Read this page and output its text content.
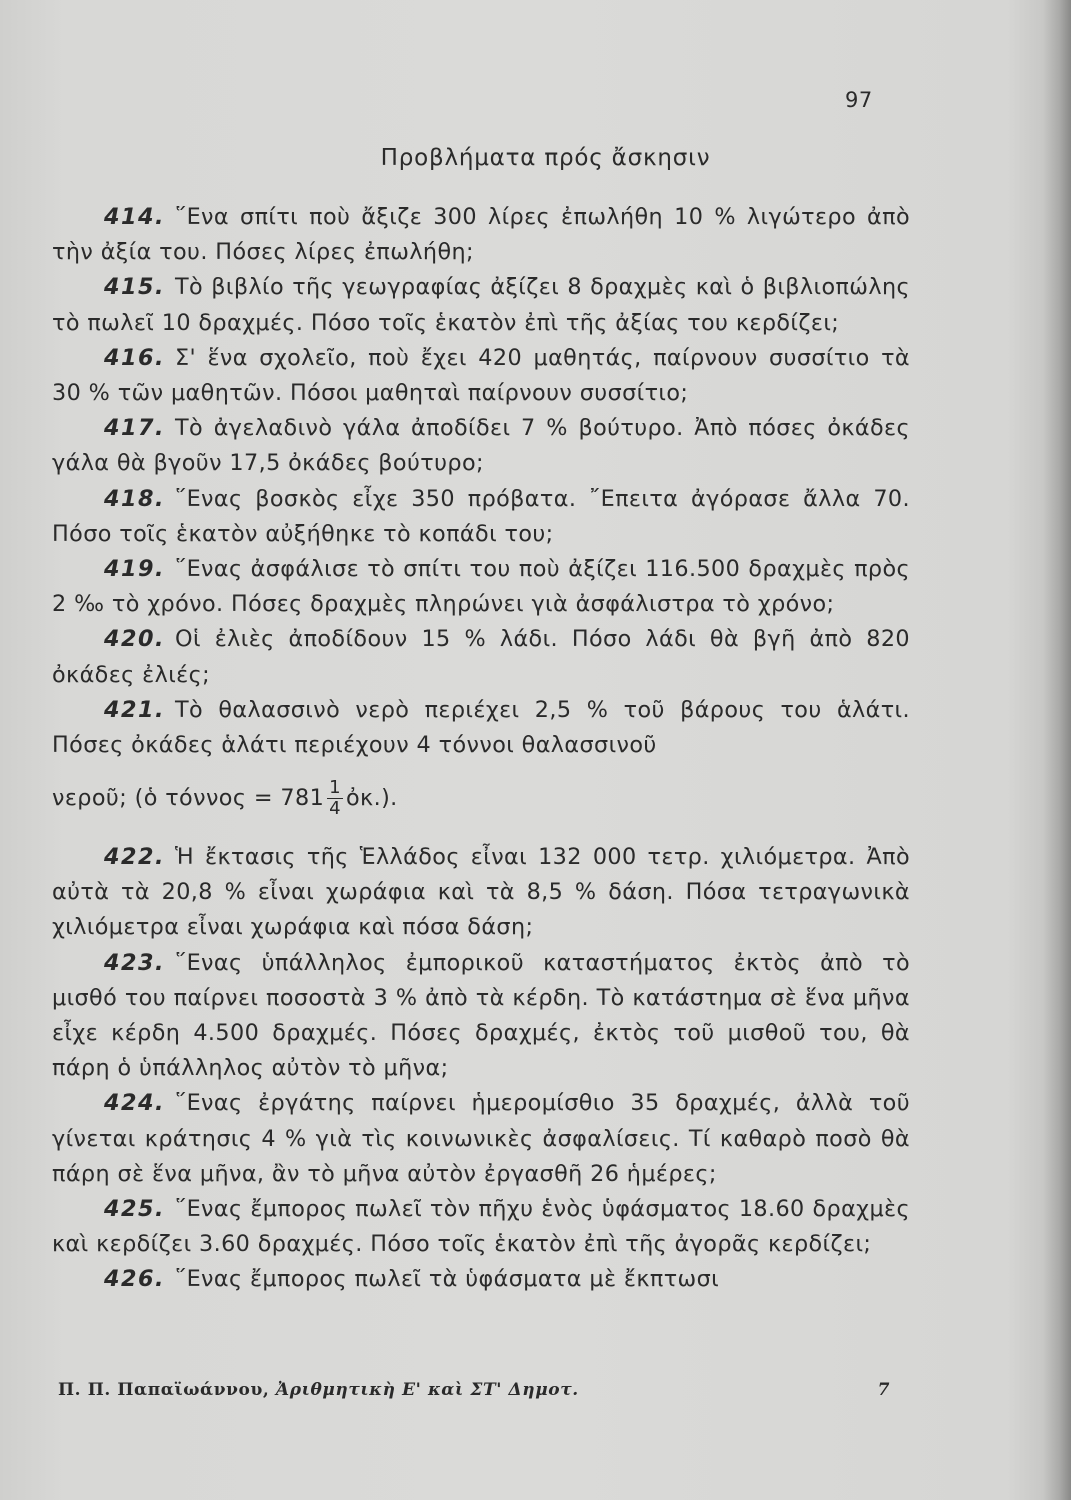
97
Προβλήματα πρός ἄσκησιν

414. ῞Ενα σπίτι ποὺ ἄξιζε 300 λίρες ἐπωλήθη 10 % λιγώτερο ἀπὸ τὴν ἀξία του. Πόσες λίρες ἐπωλήθη;

415. Τὸ βιβλίο τῆς γεωγραφίας ἀξίζει 8 δραχμὲς καὶ ὁ βιβλιοπώλης τὸ πωλεῖ 10 δραχμές. Πόσο τοῖς ἑκατὸν ἐπὶ τῆς ἀξίας του κερδίζει;

416. Σ' ἕνα σχολεῖο, ποὺ ἔχει 420 μαθητάς, παίρνουν συσσίτιο τὰ 30 % τῶν μαθητῶν. Πόσοι μαθηταὶ παίρνουν συσσίτιο;

417. Τὸ ἀγελαδινὸ γάλα ἀποδίδει 7 % βούτυρο. Ἀπὸ πόσες ὀκάδες γάλα θὰ βγοῦν 17,5 ὀκάδες βούτυρο;

418. ῞Ενας βοσκὸς εἶχε 350 πρόβατα. ῎Επειτα ἀγόρασε ἄλλα 70. Πόσο τοῖς ἑκατὸν αὐξήθηκε τὸ κοπάδι του;

419. ῞Ενας ἀσφάλισε τὸ σπίτι του ποὺ ἀξίζει 116.500 δραχμὲς πρὸς 2 ‰ τὸ χρόνο. Πόσες δραχμὲς πληρώνει γιὰ ἀσφάλιστρα τὸ χρόνο;

420. Οἱ ἐλιὲς ἀποδίδουν 15 % λάδι. Πόσο λάδι θὰ βγῆ ἀπὸ 820 ὀκάδες ἐλιές;

421. Τὸ θαλασσινὸ νερὸ περιέχει 2,5 % τοῦ βάρους του ἁλάτι. Πόσες ὀκάδες ἁλάτι περιέχουν 4 τόννοι θαλασσινοῦ

νεροῦ; (ὁ $\tau ό\nu\nu o\varsigma = 781 \frac{1}{4}$ ὀκ.).

422. Ἡ ἔκτασις τῆς Ἑλλάδος εἶναι 132 000 τετρ. χιλιόμετρα. Ἀπὸ αὐτὰ τὰ 20,8 % εἶναι χωράφια καὶ τὰ 8,5 % δάση. Πόσα τετραγωνικὰ χιλιόμετρα εἶναι χωράφια καὶ πόσα δάση;

423. ῞Ενας ὑπάλληλος ἐμπορικοῦ καταστήματος ἐκτὸς ἀπὸ τὸ μισθό του παίρνει ποσοστὰ 3 % ἀπὸ τὰ κέρδη. Τὸ κατάστημα σὲ ἕνα μῆνα εἶχε κέρδη 4.500 δραχμές. Πόσες δραχμές, ἐκτὸς τοῦ μισθοῦ του, θὰ πάρη ὁ ὑπάλληλος αὐτὸν τὸ μῆνα;

424. ῞Ενας ἐργάτης παίρνει ἡμερομίσθιο 35 δραχμές, ἀλλὰ τοῦ γίνεται κράτησις 4 % γιὰ τὶς κοινωνικὲς ἀσφαλίσεις. Τί καθαρὸ ποσὸ θὰ πάρη σὲ ἕνα μῆνα, ἂν τὸ μῆνα αὐτὸν ἐργασθῆ 26 ἡμέρες;

425. ῞Ενας ἔμπορος πωλεῖ τὸν πῆχυ ἑνὸς ὑφάσματος 18.60 δραχμὲς καὶ κερδίζει 3.60 δραχμές. Πόσο τοῖς ἑκατὸν ἐπὶ τῆς ἀγορᾶς κερδίζει;

426. ῞Ενας ἔμπορος πωλεῖ τὰ ὑφάσματα μὲ ἔκπτωσι

Π. Π. Παπαϊωάννου, Ἀριθμητικὴ Ε' καὶ ΣΤ' Δημοτ.	7
